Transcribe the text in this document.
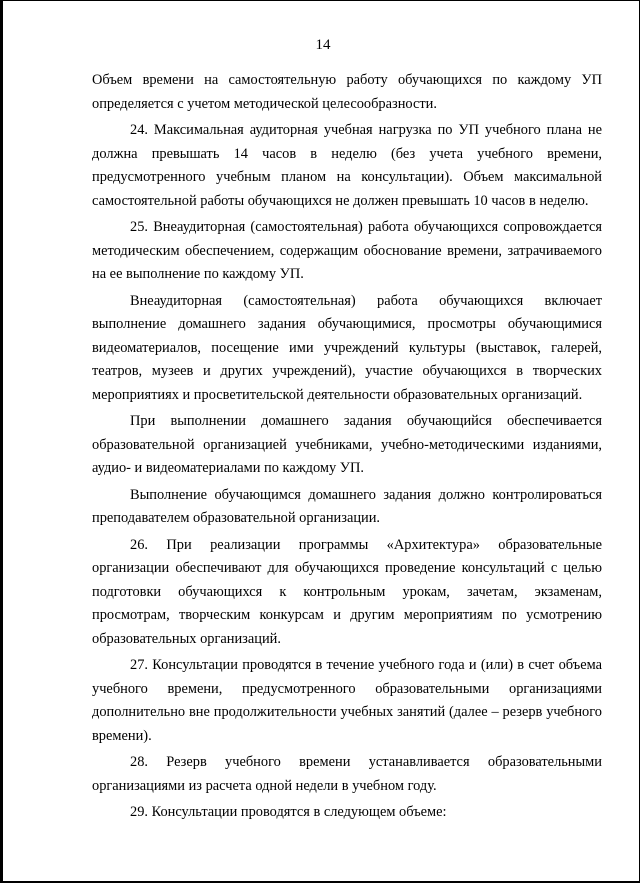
14

Объем времени на самостоятельную работу обучающихся по каждому УП определяется с учетом методической целесообразности.

24. Максимальная аудиторная учебная нагрузка по УП учебного плана не должна превышать 14 часов в неделю (без учета учебного времени, предусмотренного учебным планом на консультации). Объем максимальной самостоятельной работы обучающихся не должен превышать 10 часов в неделю.

25. Внеаудиторная (самостоятельная) работа обучающихся сопровождается методическим обеспечением, содержащим обоснование времени, затрачиваемого на ее выполнение по каждому УП.

Внеаудиторная (самостоятельная) работа обучающихся включает выполнение домашнего задания обучающимися, просмотры обучающимися видеоматериалов, посещение ими учреждений культуры (выставок, галерей, театров, музеев и других учреждений), участие обучающихся в творческих мероприятиях и просветительской деятельности образовательных организаций.

При выполнении домашнего задания обучающийся обеспечивается образовательной организацией учебниками, учебно-методическими изданиями, аудио- и видеоматериалами по каждому УП.

Выполнение обучающимся домашнего задания должно контролироваться преподавателем образовательной организации.

26. При реализации программы «Архитектура» образовательные организации обеспечивают для обучающихся проведение консультаций с целью подготовки обучающихся к контрольным урокам, зачетам, экзаменам, просмотрам, творческим конкурсам и другим мероприятиям по усмотрению образовательных организаций.

27. Консультации проводятся в течение учебного года и (или) в счет объема учебного времени, предусмотренного образовательными организациями дополнительно вне продолжительности учебных занятий (далее – резерв учебного времени).

28. Резерв учебного времени устанавливается образовательными организациями из расчета одной недели в учебном году.

29. Консультации проводятся в следующем объеме:
